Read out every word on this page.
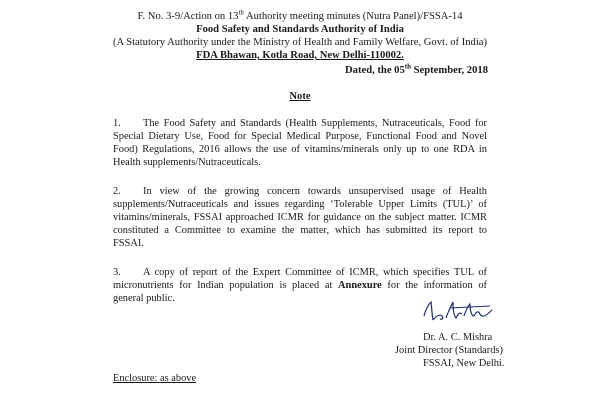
F. No. 3-9/Action on 13th Authority meeting minutes (Nutra Panel)/FSSA-14
Food Safety and Standards Authority of India
(A Statutory Authority under the Ministry of Health and Family Welfare, Govt. of India)
FDA Bhawan, Kotla Road, New Delhi-110002.
Dated, the 05th September, 2018
Note
1. The Food Safety and Standards (Health Supplements, Nutraceuticals, Food for
Special Dietary Use, Food for Special Medical Purpose, Functional Food and Novel
Food) Regulations, 2016 allows the use of vitamins/minerals only up to one RDA in
Health supplements/Nutraceuticals.
2. In view of the growing concern towards unsupervised usage of Health
supplements/Nutraceuticals and issues regarding ‘Tolerable Upper Limits (TUL)’ of
vitamins/minerals, FSSAI approached ICMR for guidance on the subject matter. ICMR
constituted a Committee to examine the matter, which has submitted its report to
FSSAI.
3. A copy of report of the Expert Committee of ICMR, which specifies TUL of
micronutrients for Indian population is placed at Annexure for the information of
general public.
Dr. A. C. Mishra
Joint Director (Standards)
FSSAI, New Delhi.
Enclosure: as above
